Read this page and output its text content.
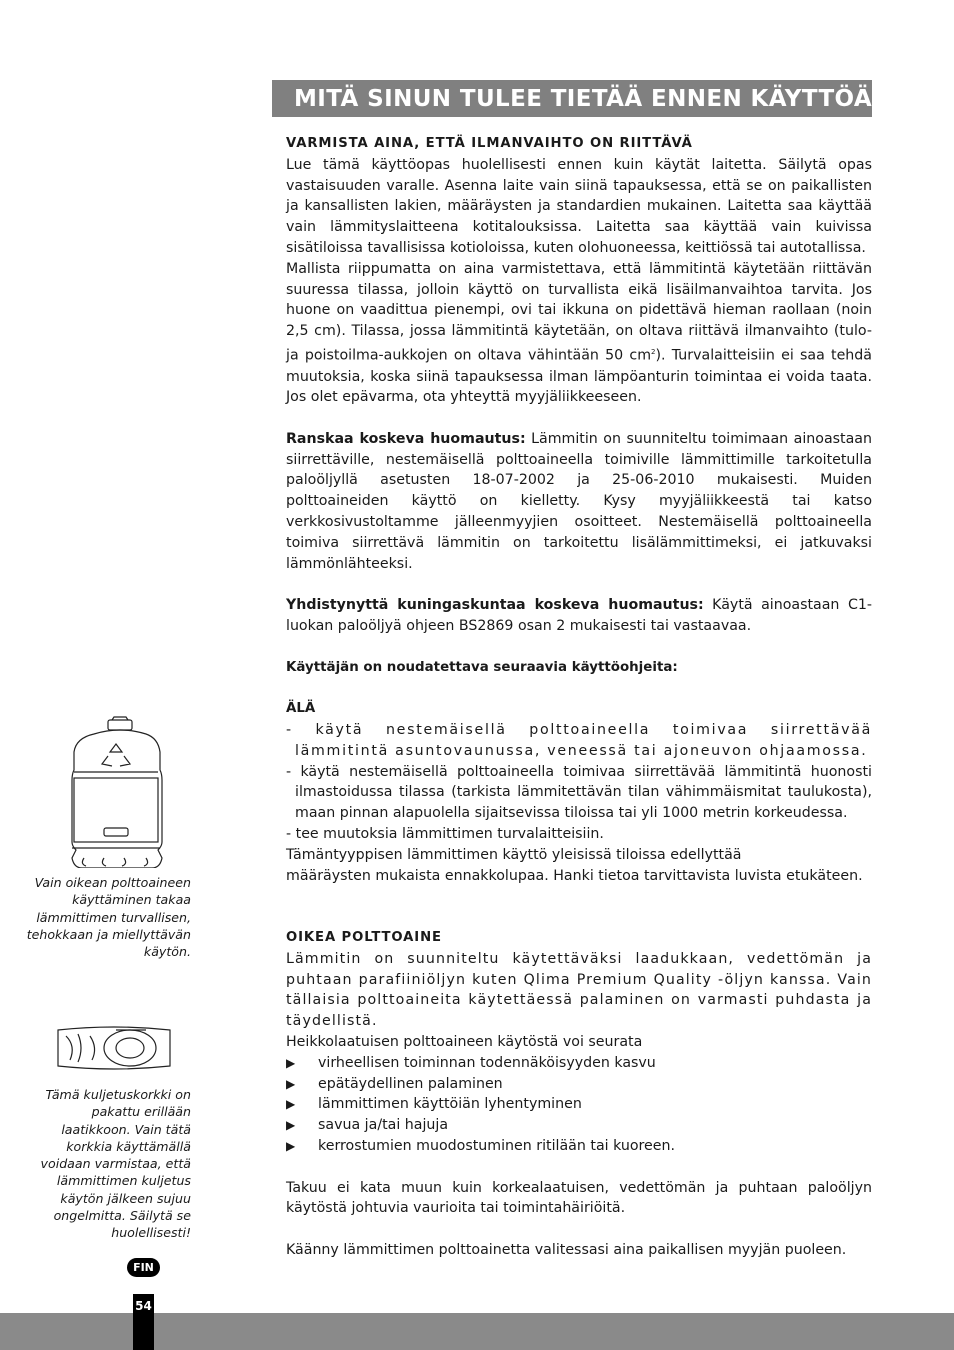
MITÄ SINUN TULEE TIETÄÄ ENNEN KÄYTTÖÄ
Vain oikean polttoaineen käyttäminen takaa lämmittimen turvallisen, tehokkaan ja miellyttävän käytön.
Tämä kuljetuskorkki on pakattu erillään laatikkoon. Vain tätä korkkia käyttämällä voidaan varmistaa, että lämmittimen kuljetus käytön jälkeen sujuu ongelmitta. Säilytä se huolellisesti!

VARMISTA AINA, ETTÄ ILMANVAIHTO ON RIITTÄVÄ

Lue tämä käyttöopas huolellisesti ennen kuin käytät laitetta. Säilytä opas vastaisuuden varalle. Asenna laite vain siinä tapauksessa, että se on paikallisten ja kansallisten lakien, määräysten ja standardien mukainen. Laitetta saa käyttää vain lämmityslaitteena kotitalouksissa. Laitetta saa käyttää vain kuivissa sisätiloissa tavallisissa kotioloissa, kuten olohuoneessa, keittiössä tai autotallissa.

Mallista riippumatta on aina varmistettava, että lämmitintä käytetään riittävän suuressa tilassa, jolloin käyttö on turvallista eikä lisäilmanvaihtoa tarvita. Jos huone on vaadittua pienempi, ovi tai ikkuna on pidettävä hieman raollaan (noin 2,5 cm). Tilassa, jossa lämmitintä käytetään, on oltava riittävä ilmanvaihto (tulo- ja poistoilma-aukkojen on oltava vähintään 50 $cm^2$). Turvalaitteisiin ei saa tehdä muutoksia, koska siinä tapauksessa ilman lämpöanturin toimintaa ei voida taata. Jos olet epävarma, ota yhteyttä myyjäliikkeeseen.

Ranskaa koskeva huomautus: Lämmitin on suunniteltu toimimaan ainoastaan siirrettäville, nestemäisellä polttoaineella toimiville lämmittimille tarkoitetulla paloöljyllä asetusten 18-07-2002 ja 25-06-2010 mukaisesti. Muiden polttoaineiden käyttö on kielletty. Kysy myyjäliikkeestä tai katso verkkosivustoltamme jälleenmyyjien osoitteet. Nestemäisellä polttoaineella toimiva siirrettävä lämmitin on tarkoitettu lisälämmittimeksi, ei jatkuvaksi lämmönlähteeksi.

Yhdistynyttä kuningaskuntaa koskeva huomautus: Käytä ainoastaan C1-luokan paloöljyä ohjeen BS2869 osan 2 mukaisesti tai vastaavaa.

Käyttäjän on noudatettava seuraavia käyttöohjeita:

ÄLÄ

- käytä nestemäisellä polttoaineella toimivaa siirrettävää lämmitintä asuntovaunussa, veneessä tai ajoneuvon ohjaamossa.

- käytä nestemäisellä polttoaineella toimivaa siirrettävää lämmitintä huonosti ilmastoidussa tilassa (tarkista lämmitettävän tilan vähimmäismitat taulukosta), maan pinnan alapuolella sijaitsevissa tiloissa tai yli 1000 metrin korkeudessa.

- tee muutoksia lämmittimen turvalaitteisiin.

Tämäntyyppisen lämmittimen käyttö yleisissä tiloissa edellyttää

määräysten mukaista ennakkolupaa. Hanki tietoa tarvittavista luvista etukäteen.

OIKEA POLTTOAINE

Lämmitin on suunniteltu käytettäväksi laadukkaan, vedettömän ja puhtaan parafiiniöljyn kuten Qlima Premium Quality -öljyn kanssa. Vain tällaisia polttoaineita käytettäessä palaminen on varmasti puhdasta ja täydellistä.

Heikkolaatuisen polttoaineen käytöstä voi seurata

▶	virheellisen toiminnan todennäköisyyden kasvu
▶	epätäydellinen palaminen
▶	lämmittimen käyttöiän lyhentyminen
▶	savua ja/tai hajuja
▶	kerrostumien muodostuminen ritilään tai kuoreen.

Takuu ei kata muun kuin korkealaatuisen, vedettömän ja puhtaan paloöljyn käytöstä johtuvia vaurioita tai toimintahäiriöitä.

Käänny lämmittimen polttoainetta valitessasi aina paikallisen myyjän puoleen.

FIN
54
